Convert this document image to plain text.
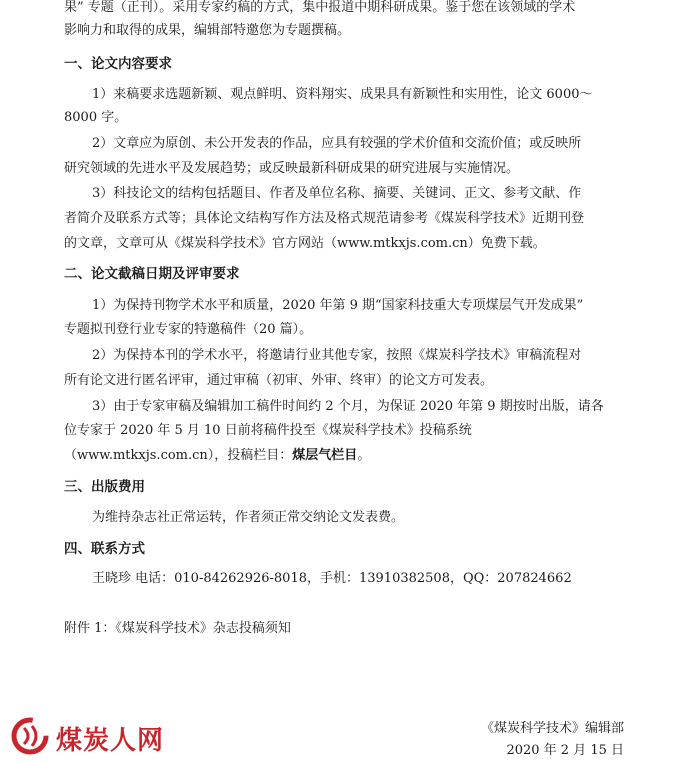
果” 专题（正刊）。采用专家约稿的方式，集中报道中期科研成果。鉴于您在该领域的学术
影响力和取得的成果，编辑部特邀您为专题撰稿。
一、论文内容要求
1）来稿要求选题新颖、观点鲜明、资料翔实、成果具有新颖性和实用性，论文 6000～
8000 字。
2）文章应为原创、未公开发表的作品，应具有较强的学术价值和交流价值；或反映所
研究领域的先进水平及发展趋势；或反映最新科研成果的研究进展与实施情况。
3）科技论文的结构包括题目、作者及单位名称、摘要、关键词、正文、参考文献、作
者简介及联系方式等；具体论文结构写作方法及格式规范请参考《煤炭科学技术》近期刊登
的文章，文章可从《煤炭科学技术》官方网站（www.mtkxjs.com.cn）免费下载。
二、论文截稿日期及评审要求
1）为保持刊物学术水平和质量，2020 年第 9 期“国家科技重大专项煤层气开发成果”
专题拟刊登行业专家的特邀稿件（20 篇）。
2）为保持本刊的学术水平，将邀请行业其他专家，按照《煤炭科学技术》审稿流程对
所有论文进行匿名评审，通过审稿（初审、外审、终审）的论文方可发表。
3）由于专家审稿及编辑加工稿件时间约 2 个月，为保证 2020 年第 9 期按时出版，请各
位专家于 2020 年 5 月 10 日前将稿件投至《煤炭科学技术》投稿系统
（www.mtkxjs.com.cn），投稿栏目：煤层气栏目。
三、出版费用
为维持杂志社正常运转，作者须正常交纳论文发表费。
四、联系方式
王晓珍 电话：010-84262926-8018，手机：13910382508，QQ：207824662
附件 1：《煤炭科学技术》杂志投稿须知
《煤炭科学技术》编辑部
2020 年 2 月 15 日
煤炭人网
